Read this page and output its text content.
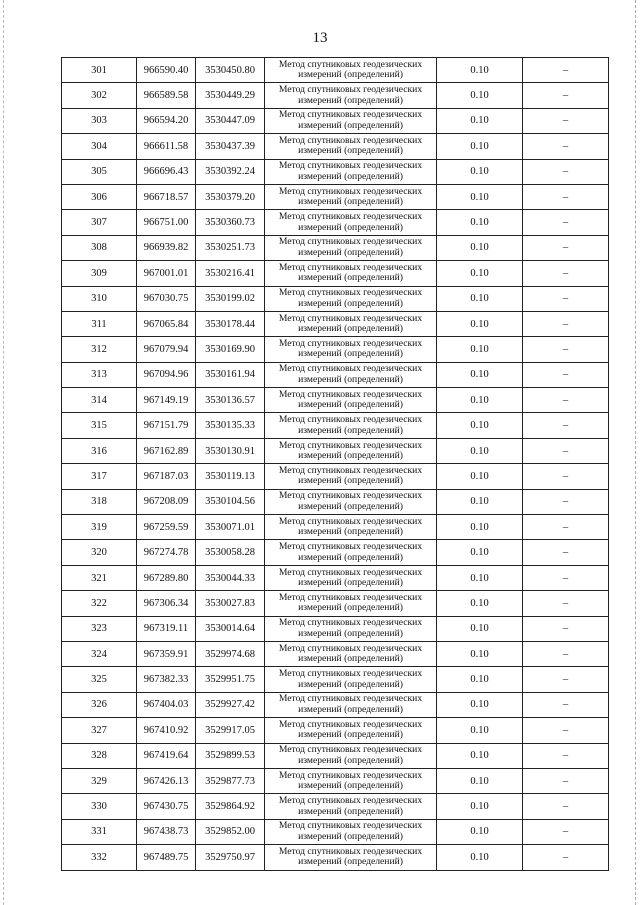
13
301	966590.40	3530450.80	Метод спутниковых геодезических измерений (определений)	0.10	–
302	966589.58	3530449.29	Метод спутниковых геодезических измерений (определений)	0.10	–
303	966594.20	3530447.09	Метод спутниковых геодезических измерений (определений)	0.10	–
304	966611.58	3530437.39	Метод спутниковых геодезических измерений (определений)	0.10	–
305	966696.43	3530392.24	Метод спутниковых геодезических измерений (определений)	0.10	–
306	966718.57	3530379.20	Метод спутниковых геодезических измерений (определений)	0.10	–
307	966751.00	3530360.73	Метод спутниковых геодезических измерений (определений)	0.10	–
308	966939.82	3530251.73	Метод спутниковых геодезических измерений (определений)	0.10	–
309	967001.01	3530216.41	Метод спутниковых геодезических измерений (определений)	0.10	–
310	967030.75	3530199.02	Метод спутниковых геодезических измерений (определений)	0.10	–
311	967065.84	3530178.44	Метод спутниковых геодезических измерений (определений)	0.10	–
312	967079.94	3530169.90	Метод спутниковых геодезических измерений (определений)	0.10	–
313	967094.96	3530161.94	Метод спутниковых геодезических измерений (определений)	0.10	–
314	967149.19	3530136.57	Метод спутниковых геодезических измерений (определений)	0.10	–
315	967151.79	3530135.33	Метод спутниковых геодезических измерений (определений)	0.10	–
316	967162.89	3530130.91	Метод спутниковых геодезических измерений (определений)	0.10	–
317	967187.03	3530119.13	Метод спутниковых геодезических измерений (определений)	0.10	–
318	967208.09	3530104.56	Метод спутниковых геодезических измерений (определений)	0.10	–
319	967259.59	3530071.01	Метод спутниковых геодезических измерений (определений)	0.10	–
320	967274.78	3530058.28	Метод спутниковых геодезических измерений (определений)	0.10	–
321	967289.80	3530044.33	Метод спутниковых геодезических измерений (определений)	0.10	–
322	967306.34	3530027.83	Метод спутниковых геодезических измерений (определений)	0.10	–
323	967319.11	3530014.64	Метод спутниковых геодезических измерений (определений)	0.10	–
324	967359.91	3529974.68	Метод спутниковых геодезических измерений (определений)	0.10	–
325	967382.33	3529951.75	Метод спутниковых геодезических измерений (определений)	0.10	–
326	967404.03	3529927.42	Метод спутниковых геодезических измерений (определений)	0.10	–
327	967410.92	3529917.05	Метод спутниковых геодезических измерений (определений)	0.10	–
328	967419.64	3529899.53	Метод спутниковых геодезических измерений (определений)	0.10	–
329	967426.13	3529877.73	Метод спутниковых геодезических измерений (определений)	0.10	–
330	967430.75	3529864.92	Метод спутниковых геодезических измерений (определений)	0.10	–
331	967438.73	3529852.00	Метод спутниковых геодезических измерений (определений)	0.10	–
332	967489.75	3529750.97	Метод спутниковых геодезических измерений (определений)	0.10	–
